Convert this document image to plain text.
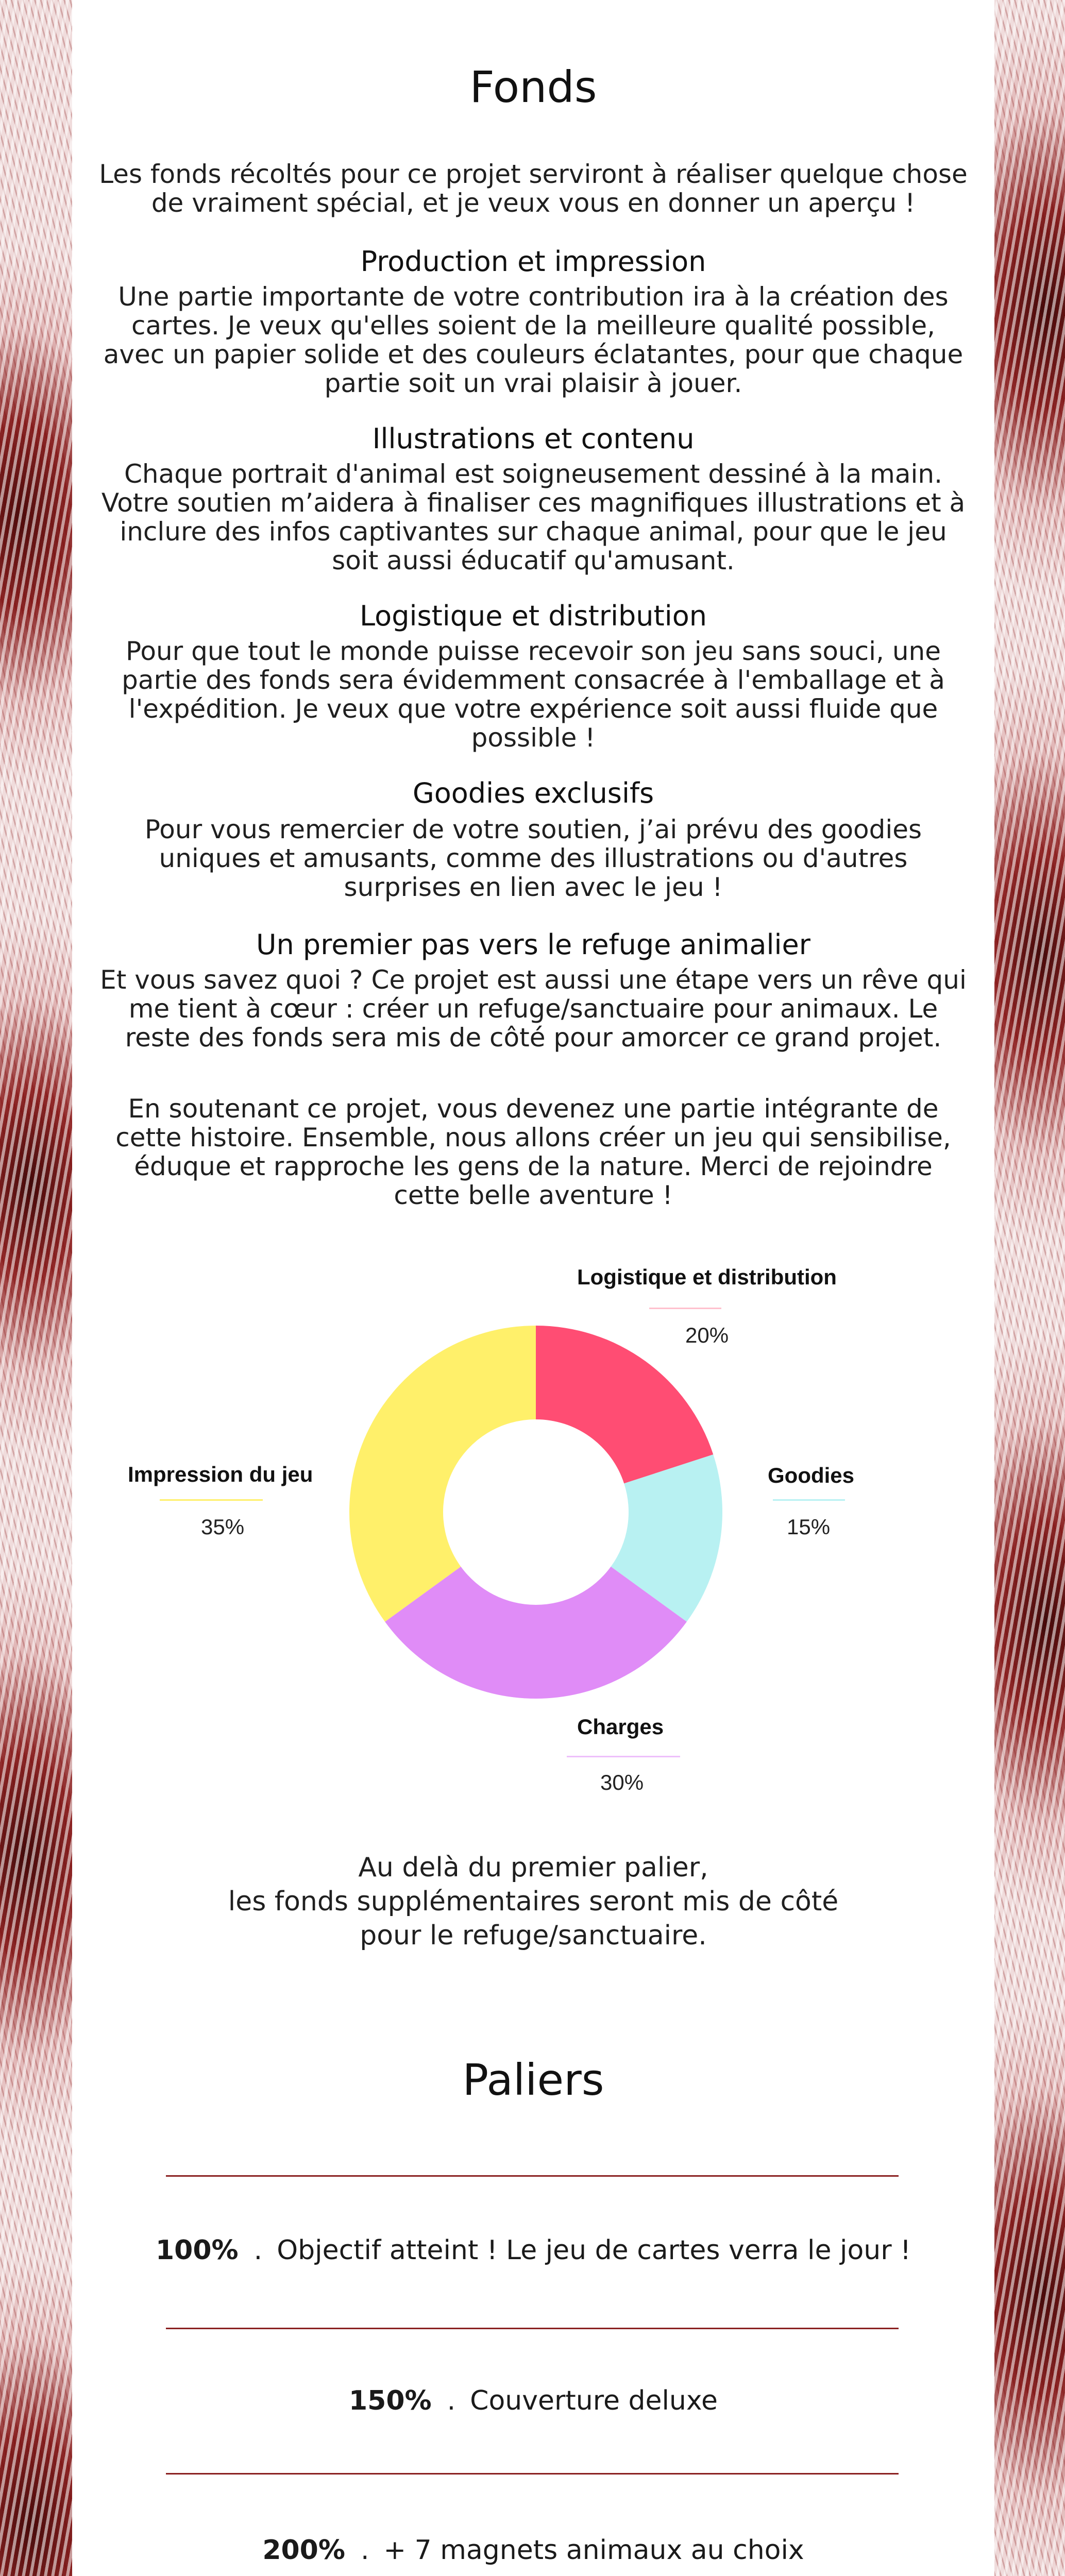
Fonds
Les fonds récoltés pour ce projet serviront à réaliser quelque chose de vraiment spécial, et je veux vous en donner un aperçu !
Production et impression
Une partie importante de votre contribution ira à la création des cartes. Je veux qu'elles soient de la meilleure qualité possible, avec un papier solide et des couleurs éclatantes, pour que chaque partie soit un vrai plaisir à jouer.
Illustrations et contenu
Chaque portrait d'animal est soigneusement dessiné à la main. Votre soutien m’aidera à finaliser ces magnifiques illustrations et à inclure des infos captivantes sur chaque animal, pour que le jeu soit aussi éducatif qu'amusant.
Logistique et distribution
Pour que tout le monde puisse recevoir son jeu sans souci, une partie des fonds sera évidemment consacrée à l'emballage et à l'expédition. Je veux que votre expérience soit aussi fluide que possible !
Goodies exclusifs
Pour vous remercier de votre soutien, j’ai prévu des goodies uniques et amusants, comme des illustrations ou d'autres surprises en lien avec le jeu !
Un premier pas vers le refuge animalier
Et vous savez quoi ? Ce projet est aussi une étape vers un rêve qui me tient à cœur : créer un refuge/sanctuaire pour animaux. Le reste des fonds sera mis de côté pour amorcer ce grand projet.
En soutenant ce projet, vous devenez une partie intégrante de cette histoire. Ensemble, nous allons créer un jeu qui sensibilise, éduque et rapproche les gens de la nature. Merci de rejoindre cette belle aventure !
Logistique et distribution
20%
Goodies
15%
Charges
30%
Impression du jeu
35%
Au delà du premier palier,
les fonds supplémentaires seront mis de côté
pour le refuge/sanctuaire.
Paliers
100% . Objectif atteint ! Le jeu de cartes verra le jour !
150% . Couverture deluxe
200% . + 7 magnets animaux au choix
